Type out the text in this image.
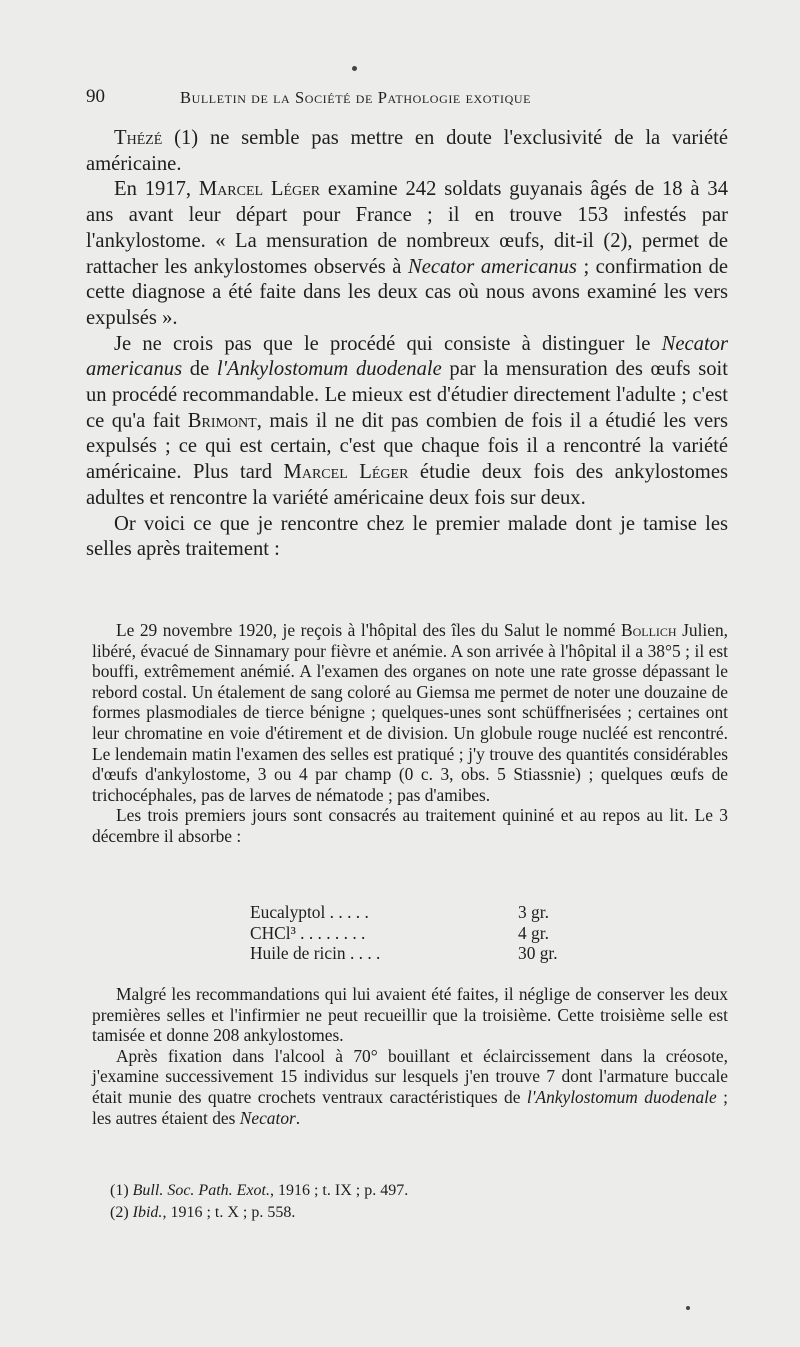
90	Bulletin de la Société de Pathologie exotique

Thézé (1) ne semble pas mettre en doute l'exclusivité de la variété américaine.

En 1917, Marcel Léger examine 242 soldats guyanais âgés de 18 à 34 ans avant leur départ pour France ; il en trouve 153 infestés par l'ankylostome. « La mensuration de nombreux œufs, dit-il (2), permet de rattacher les ankylostomes observés à Necator americanus ; confirmation de cette diagnose a été faite dans les deux cas où nous avons examiné les vers expulsés ».

Je ne crois pas que le procédé qui consiste à distinguer le Necator americanus de l'Ankylostomum duodenale par la mensuration des œufs soit un procédé recommandable. Le mieux est d'étudier directement l'adulte ; c'est ce qu'a fait Brimont, mais il ne dit pas combien de fois il a étudié les vers expulsés ; ce qui est certain, c'est que chaque fois il a rencontré la variété américaine. Plus tard Marcel Léger étudie deux fois des ankylostomes adultes et rencontre la variété américaine deux fois sur deux.

Or voici ce que je rencontre chez le premier malade dont je tamise les selles après traitement :

Le 29 novembre 1920, je reçois à l'hôpital des îles du Salut le nommé Bollich Julien, libéré, évacué de Sinnamary pour fièvre et anémie. A son arrivée à l'hôpital il a 38°5 ; il est bouffi, extrêmement anémié. A l'examen des organes on note une rate grosse dépassant le rebord costal. Un étalement de sang coloré au Giemsa me permet de noter une douzaine de formes plasmodiales de tierce bénigne ; quelques-unes sont schüffnerisées ; certaines ont leur chromatine en voie d'étirement et de division. Un globule rouge nucléé est rencontré. Le lendemain matin l'examen des selles est pratiqué ; j'y trouve des quantités considérables d'œufs d'ankylostome, 3 ou 4 par champ (0 c. 3, obs. 5 Stiassnie) ; quelques œufs de trichocéphales, pas de larves de nématode ; pas d'amibes.

Les trois premiers jours sont consacrés au traitement quininé et au repos au lit. Le 3 décembre il absorbe :

Eucalyptol . . . . .	3 gr.
CHCl³ . . . . . . . .	4 gr.
Huile de ricin . . . .	30 gr.

Malgré les recommandations qui lui avaient été faites, il néglige de conserver les deux premières selles et l'infirmier ne peut recueillir que la troisième. Cette troisième selle est tamisée et donne 208 ankylostomes.

Après fixation dans l'alcool à 70° bouillant et éclaircissement dans la créosote, j'examine successivement 15 individus sur lesquels j'en trouve 7 dont l'armature buccale était munie des quatre crochets ventraux caractéristiques de l'Ankylostomum duodenale ; les autres étaient des Necator.

(1) Bull. Soc. Path. Exot., 1916 ; t. IX ; p. 497.
(2) Ibid., 1916 ; t. X ; p. 558.
